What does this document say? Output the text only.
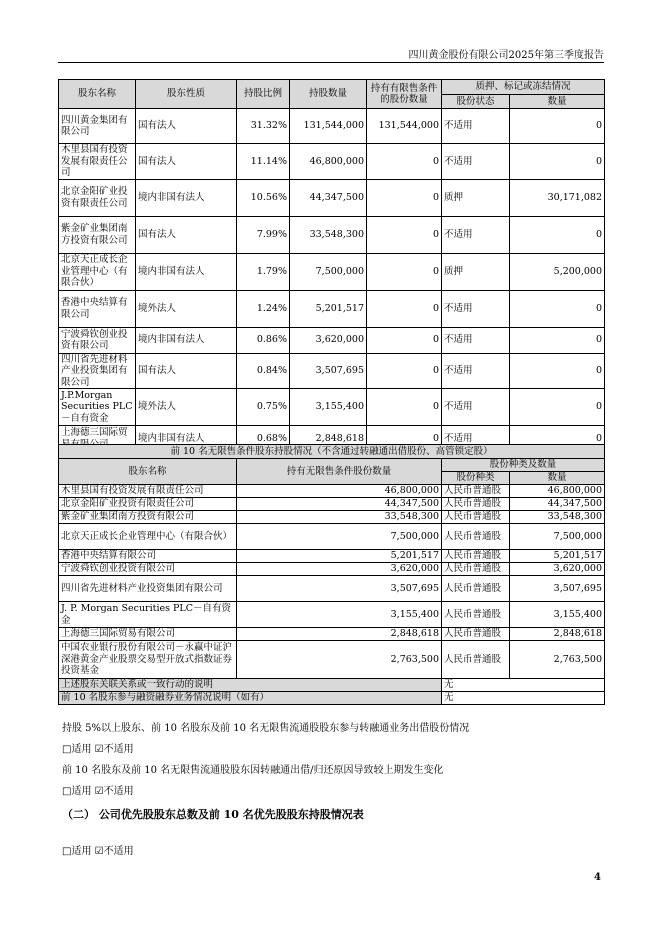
四川黄金股份有限公司2025年第三季度报告
股东名称	股东性质	持股比例	持股数量	持有有限售条件的股份数量	质押、标记或冻结情况	
					股份状态	数量
四川黄金集团有限公司	国有法人	31.32%	131,544,000	131,544,000	不适用	0
木里县国有投资发展有限责任公司	国有法人	11.14%	46,800,000	0	不适用	0
北京金阳矿业投资有限责任公司	境内非国有法人	10.56%	44,347,500	0	质押	30,171,082
紫金矿业集团南方投资有限公司	国有法人	7.99%	33,548,300	0	不适用	0
北京天正成长企业管理中心（有限合伙）	境内非国有法人	1.79%	7,500,000	0	质押	5,200,000
香港中央结算有限公司	境外法人	1.24%	5,201,517	0	不适用	0
宁波舜钦创业投资有限公司	境内非国有法人	0.86%	3,620,000	0	不适用	0
四川省先进材料产业投资集团有限公司	国有法人	0.84%	3,507,695	0	不适用	0
J.P.Morgan Securities PLC－自有资金	境外法人	0.75%	3,155,400	0	不适用	0
上海德三国际贸	境内非国有法人	0.68%	2,848,618	0	不适用	0
前 10 名无限售条件股东持股情况（不含通过转融通出借股份、高管锁定股）			
股东名称	持有无限售条件股份数量	股份种类及数量	
		股份种类	数量
木里县国有投资发展有限责任公司	46,800,000	人民币普通股	46,800,000
北京金阳矿业投资有限责任公司	44,347,500	人民币普通股	44,347,500
紫金矿业集团南方投资有限公司	33,548,300	人民币普通股	33,548,300
北京天正成长企业管理中心（有限合伙）	7,500,000	人民币普通股	7,500,000
香港中央结算有限公司	5,201,517	人民币普通股	5,201,517
宁波舜钦创业投资有限公司	3,620,000	人民币普通股	3,620,000
四川省先进材料产业投资集团有限公司	3,507,695	人民币普通股	3,507,695
J. P. Morgan Securities PLC－自有资金	3,155,400	人民币普通股	3,155,400
上海德三国际贸易有限公司	2,848,618	人民币普通股	2,848,618
中国农业银行股份有限公司－永赢中证沪深港黄金产业股票交易型开放式指数证券投资基金	2,763,500	人民币普通股	2,763,500
上述股东关联关系或一致行动的说明		无	
前 10 名股东参与融资融券业务情况说明（如有）		无	
持股 5%以上股东、前 10 名股东及前 10 名无限售流通股股东参与转融通业务出借股份情况
□适用 ☑不适用
前 10 名股东及前 10 名无限售流通股股东因转融通出借/归还原因导致较上期发生变化
□适用 ☑不适用
（二） 公司优先股股东总数及前 10 名优先股股东持股情况表
□适用 ☑不适用
4
